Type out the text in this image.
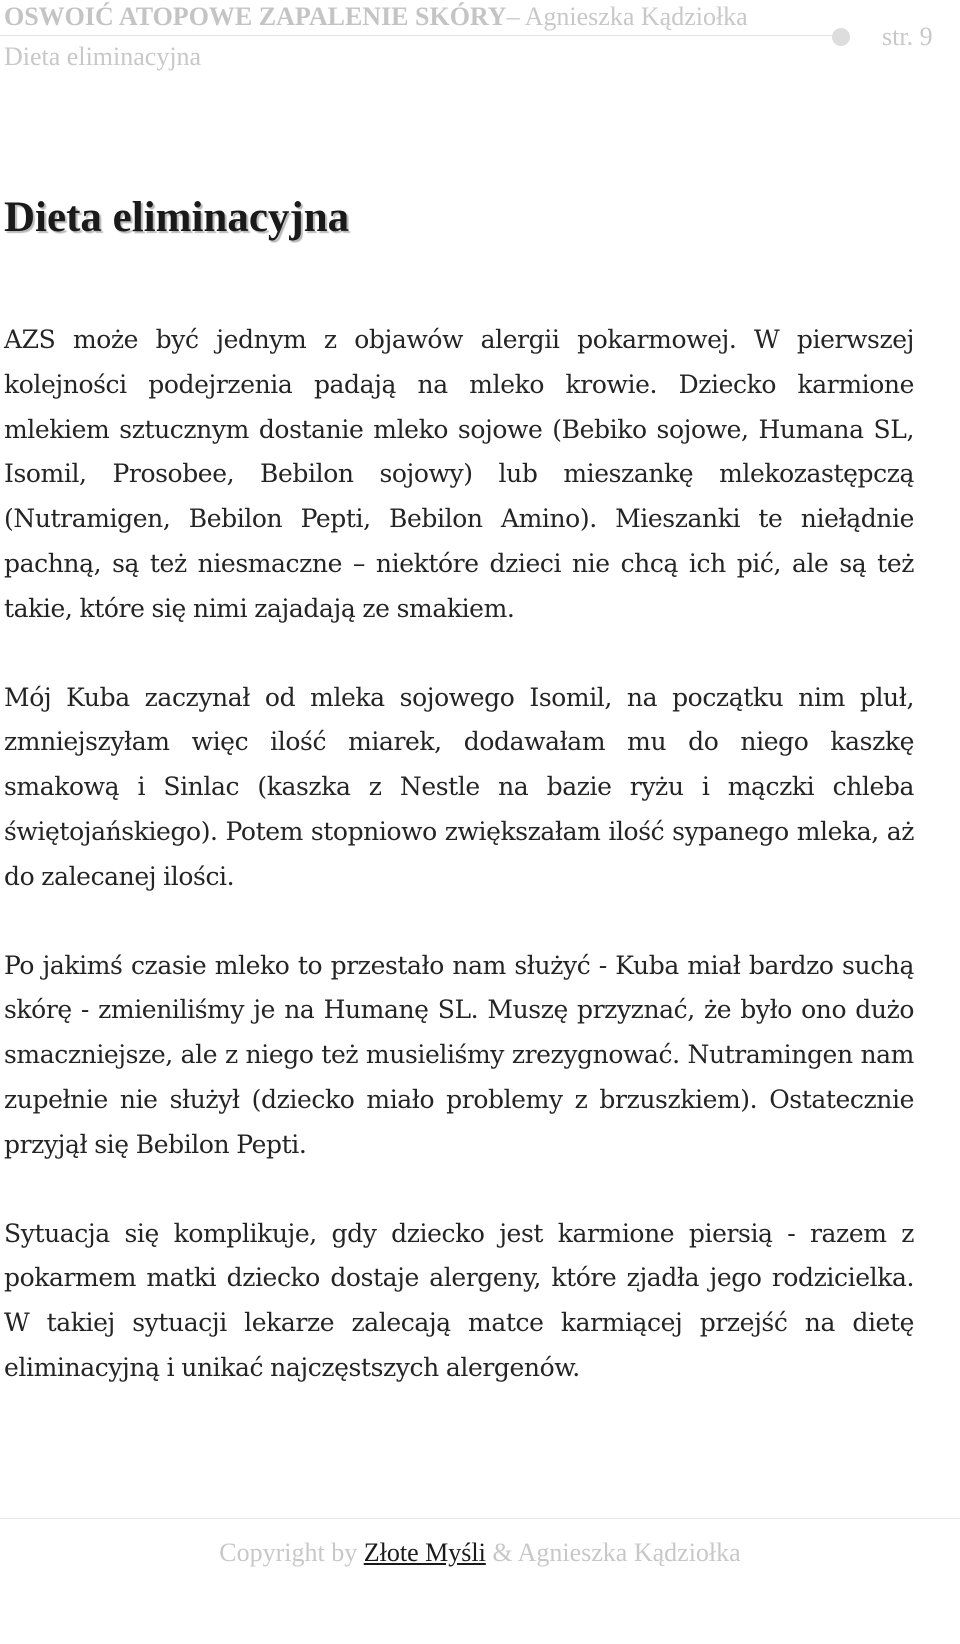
OSWOIĆ ATOPOWE ZAPALENIE SKÓRY– Agnieszka Kądziołka
Dieta eliminacyjna
str. 9
Dieta eliminacyjna

AZS może być jednym z objawów alergii pokarmowej. W pierwszej kolejności podejrzenia padają na mleko krowie. Dziecko karmione mlekiem sztucznym dostanie mleko sojowe (Bebiko sojowe, Humana SL, Isomil, Prosobee, Bebilon sojowy) lub mieszankę mlekozastępczą (Nutramigen, Bebilon Pepti, Bebilon Amino). Mieszanki te niełądnie pachną, są też niesmaczne – niektóre dzieci nie chcą ich pić, ale są też takie, które się nimi zajadają ze smakiem.

Mój Kuba zaczynał od mleka sojowego Isomil, na początku nim pluł, zmniejszyłam więc ilość miarek, dodawałam mu do niego kaszkę smakową i Sinlac (kaszka z Nestle na bazie ryżu i mączki chleba świętojańskiego). Potem stopniowo zwiększałam ilość sypanego mleka, aż do zalecanej ilości.

Po jakimś czasie mleko to przestało nam służyć - Kuba miał bardzo suchą skórę - zmieniliśmy je na Humanę SL. Muszę przyznać, że było ono dużo smaczniejsze, ale z niego też musieliśmy zrezygnować. Nutramingen nam zupełnie nie służył (dziecko miało problemy z brzuszkiem). Ostatecznie przyjął się Bebilon Pepti.

Sytuacja się komplikuje, gdy dziecko jest karmione piersią - razem z pokarmem matki dziecko dostaje alergeny, które zjadła jego rodzicielka. W takiej sytuacji lekarze zalecają matce karmiącej przejść na dietę eliminacyjną i unikać najczęstszych alergenów.

Copyright by Złote Myśli & Agnieszka Kądziołka
